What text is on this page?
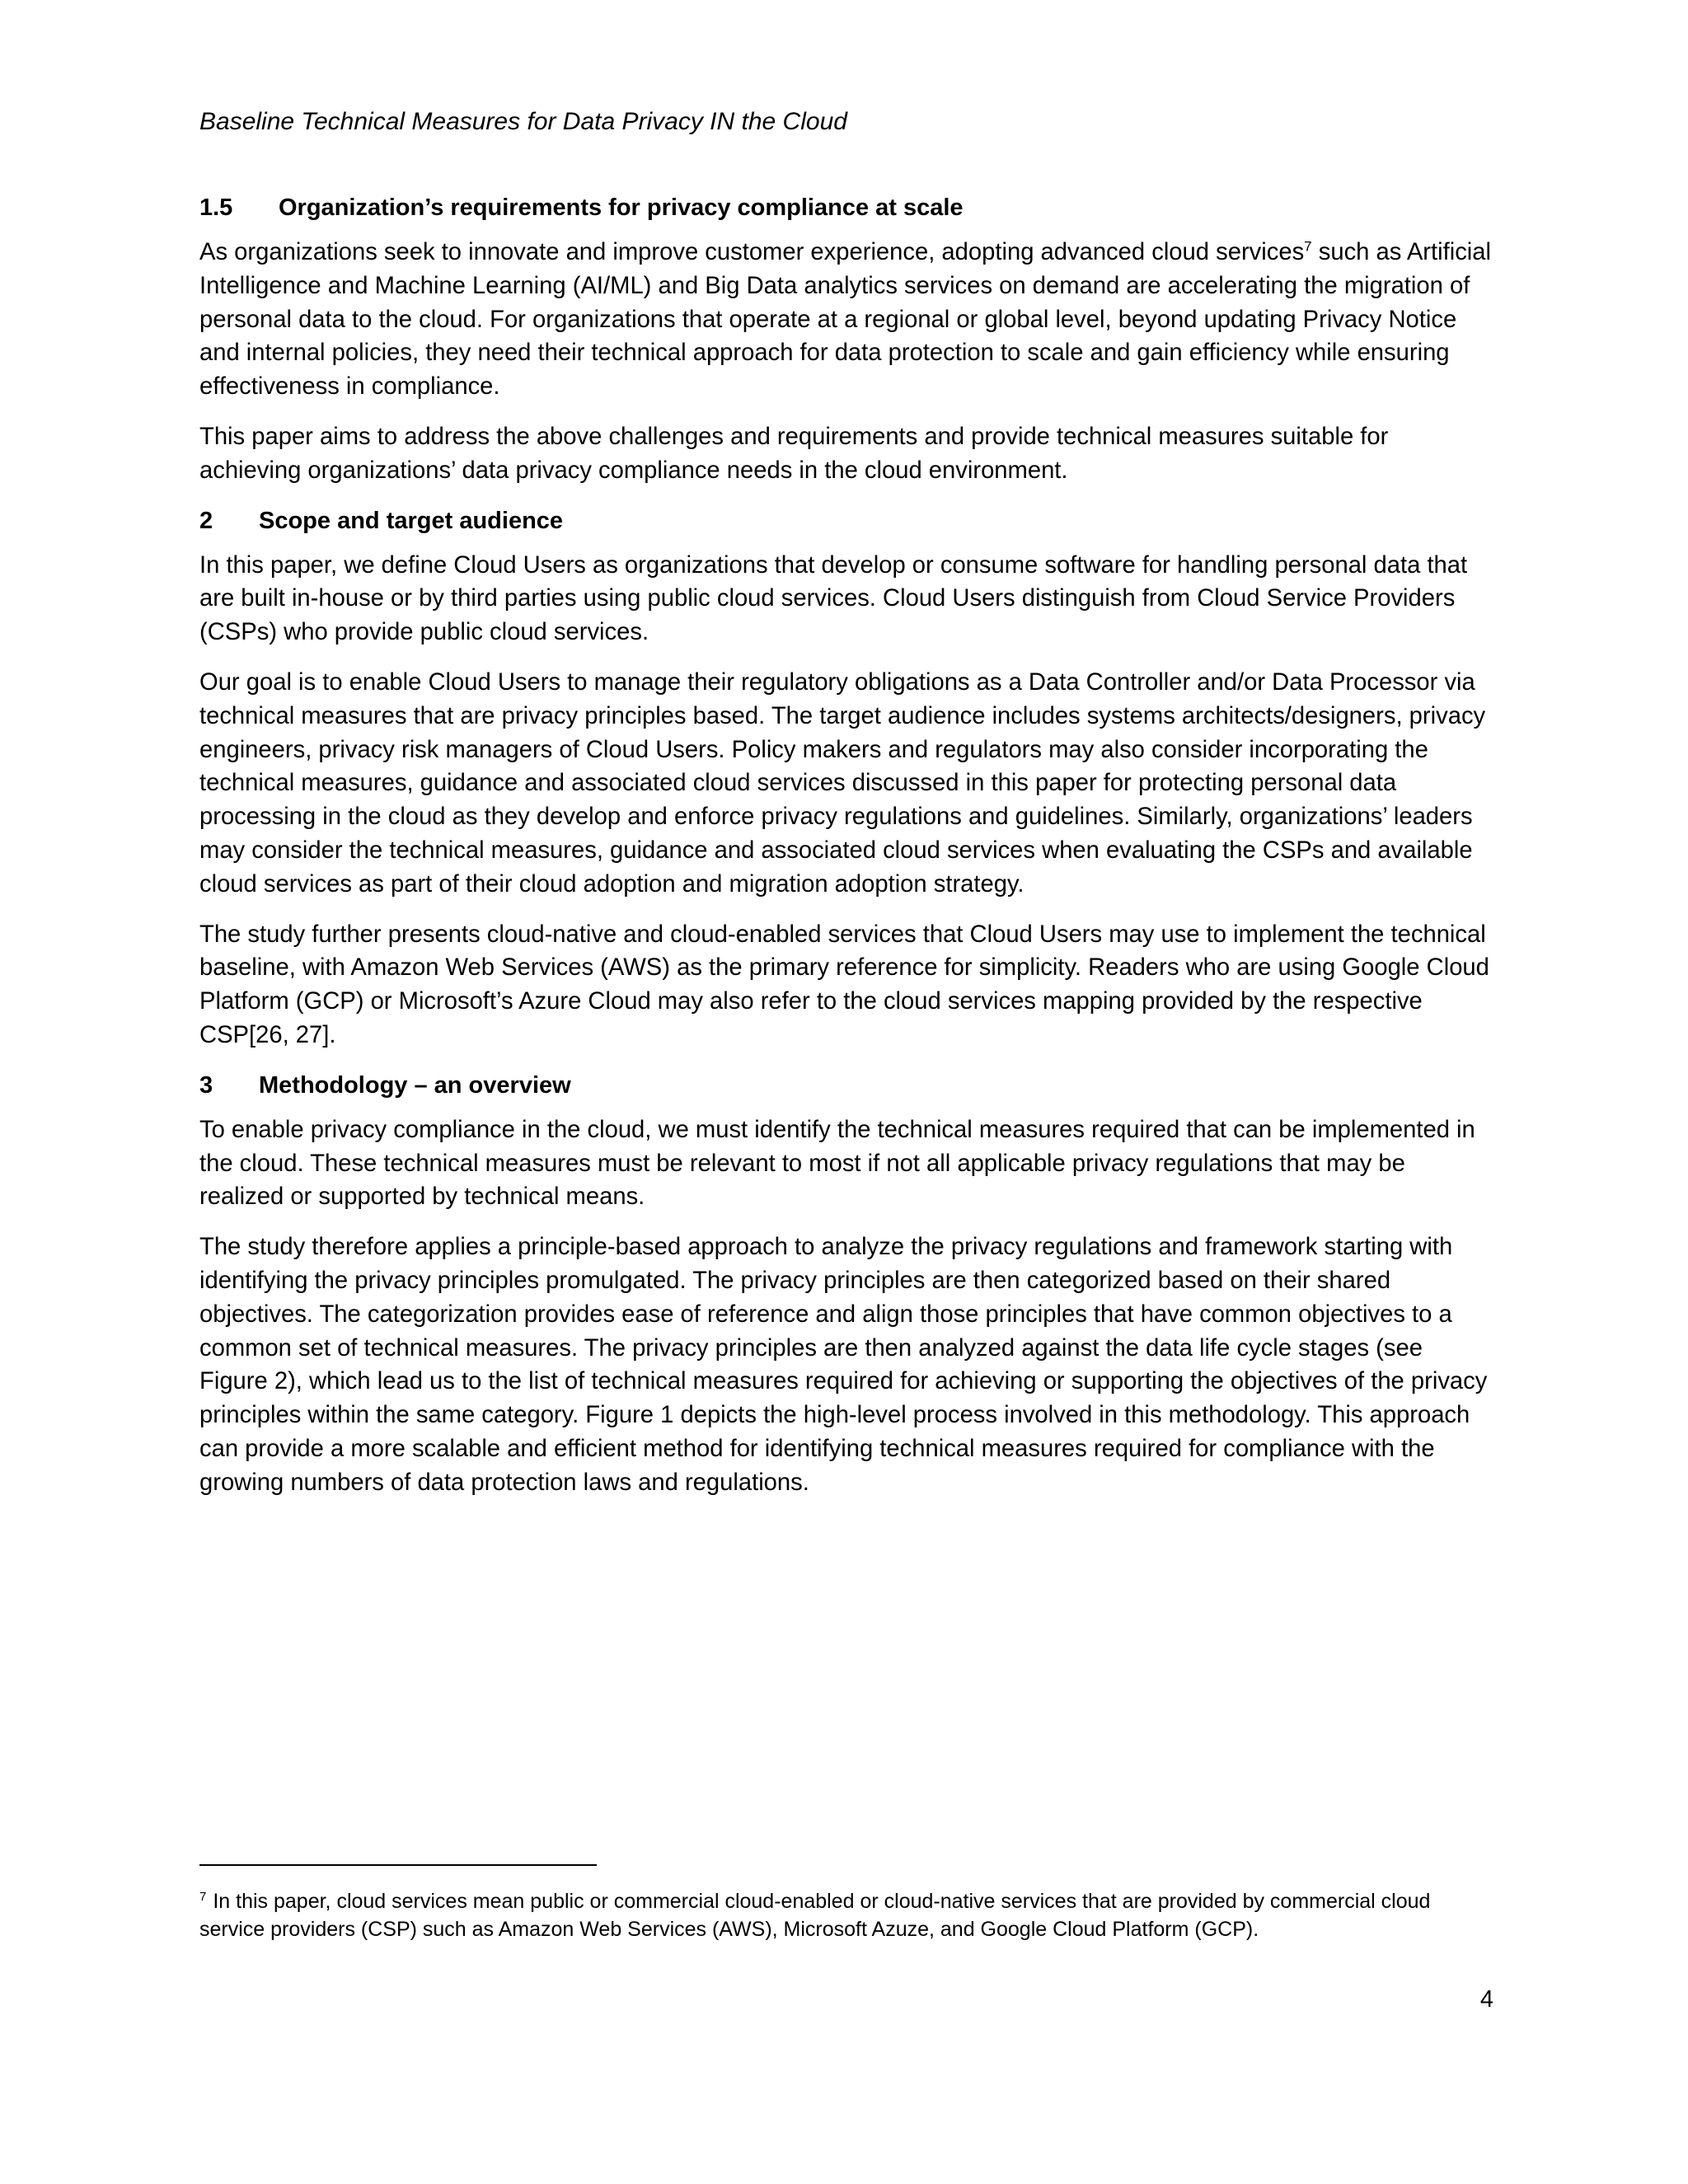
Baseline Technical Measures for Data Privacy IN the Cloud
1.5	Organization’s requirements for privacy compliance at scale

As organizations seek to innovate and improve customer experience, adopting advanced cloud services$^7$ such as Artificial Intelligence and Machine Learning (AI/ML) and Big Data analytics services on demand are accelerating the migration of personal data to the cloud. For organizations that operate at a regional or global level, beyond updating Privacy Notice and internal policies, they need their technical approach for data protection to scale and gain efficiency while ensuring effectiveness in compliance.

This paper aims to address the above challenges and requirements and provide technical measures suitable for achieving organizations’ data privacy compliance needs in the cloud environment.

2	Scope and target audience

In this paper, we define Cloud Users as organizations that develop or consume software for handling personal data that are built in-house or by third parties using public cloud services. Cloud Users distinguish from Cloud Service Providers (CSPs) who provide public cloud services.

Our goal is to enable Cloud Users to manage their regulatory obligations as a Data Controller and/or Data Processor via technical measures that are privacy principles based. The target audience includes systems architects/designers, privacy engineers, privacy risk managers of Cloud Users. Policy makers and regulators may also consider incorporating the technical measures, guidance and associated cloud services discussed in this paper for protecting personal data processing in the cloud as they develop and enforce privacy regulations and guidelines. Similarly, organizations’ leaders may consider the technical measures, guidance and associated cloud services when evaluating the CSPs and available cloud services as part of their cloud adoption and migration adoption strategy.

The study further presents cloud-native and cloud-enabled services that Cloud Users may use to implement the technical baseline, with Amazon Web Services (AWS) as the primary reference for simplicity. Readers who are using Google Cloud Platform (GCP) or Microsoft’s Azure Cloud may also refer to the cloud services mapping provided by the respective CSP[26, 27].

3	Methodology – an overview

To enable privacy compliance in the cloud, we must identify the technical measures required that can be implemented in the cloud. These technical measures must be relevant to most if not all applicable privacy regulations that may be realized or supported by technical means.

The study therefore applies a principle-based approach to analyze the privacy regulations and framework starting with identifying the privacy principles promulgated. The privacy principles are then categorized based on their shared objectives. The categorization provides ease of reference and align those principles that have common objectives to a common set of technical measures. The privacy principles are then analyzed against the data life cycle stages (see Figure 2), which lead us to the list of technical measures required for achieving or supporting the objectives of the privacy principles within the same category. Figure 1 depicts the high-level process involved in this methodology. This approach can provide a more scalable and efficient method for identifying technical measures required for compliance with the growing numbers of data protection laws and regulations.

$^7$ In this paper, cloud services mean public or commercial cloud-enabled or cloud-native services that are provided by commercial cloud service providers (CSP) such as Amazon Web Services (AWS), Microsoft Azuze, and Google Cloud Platform (GCP).
4
